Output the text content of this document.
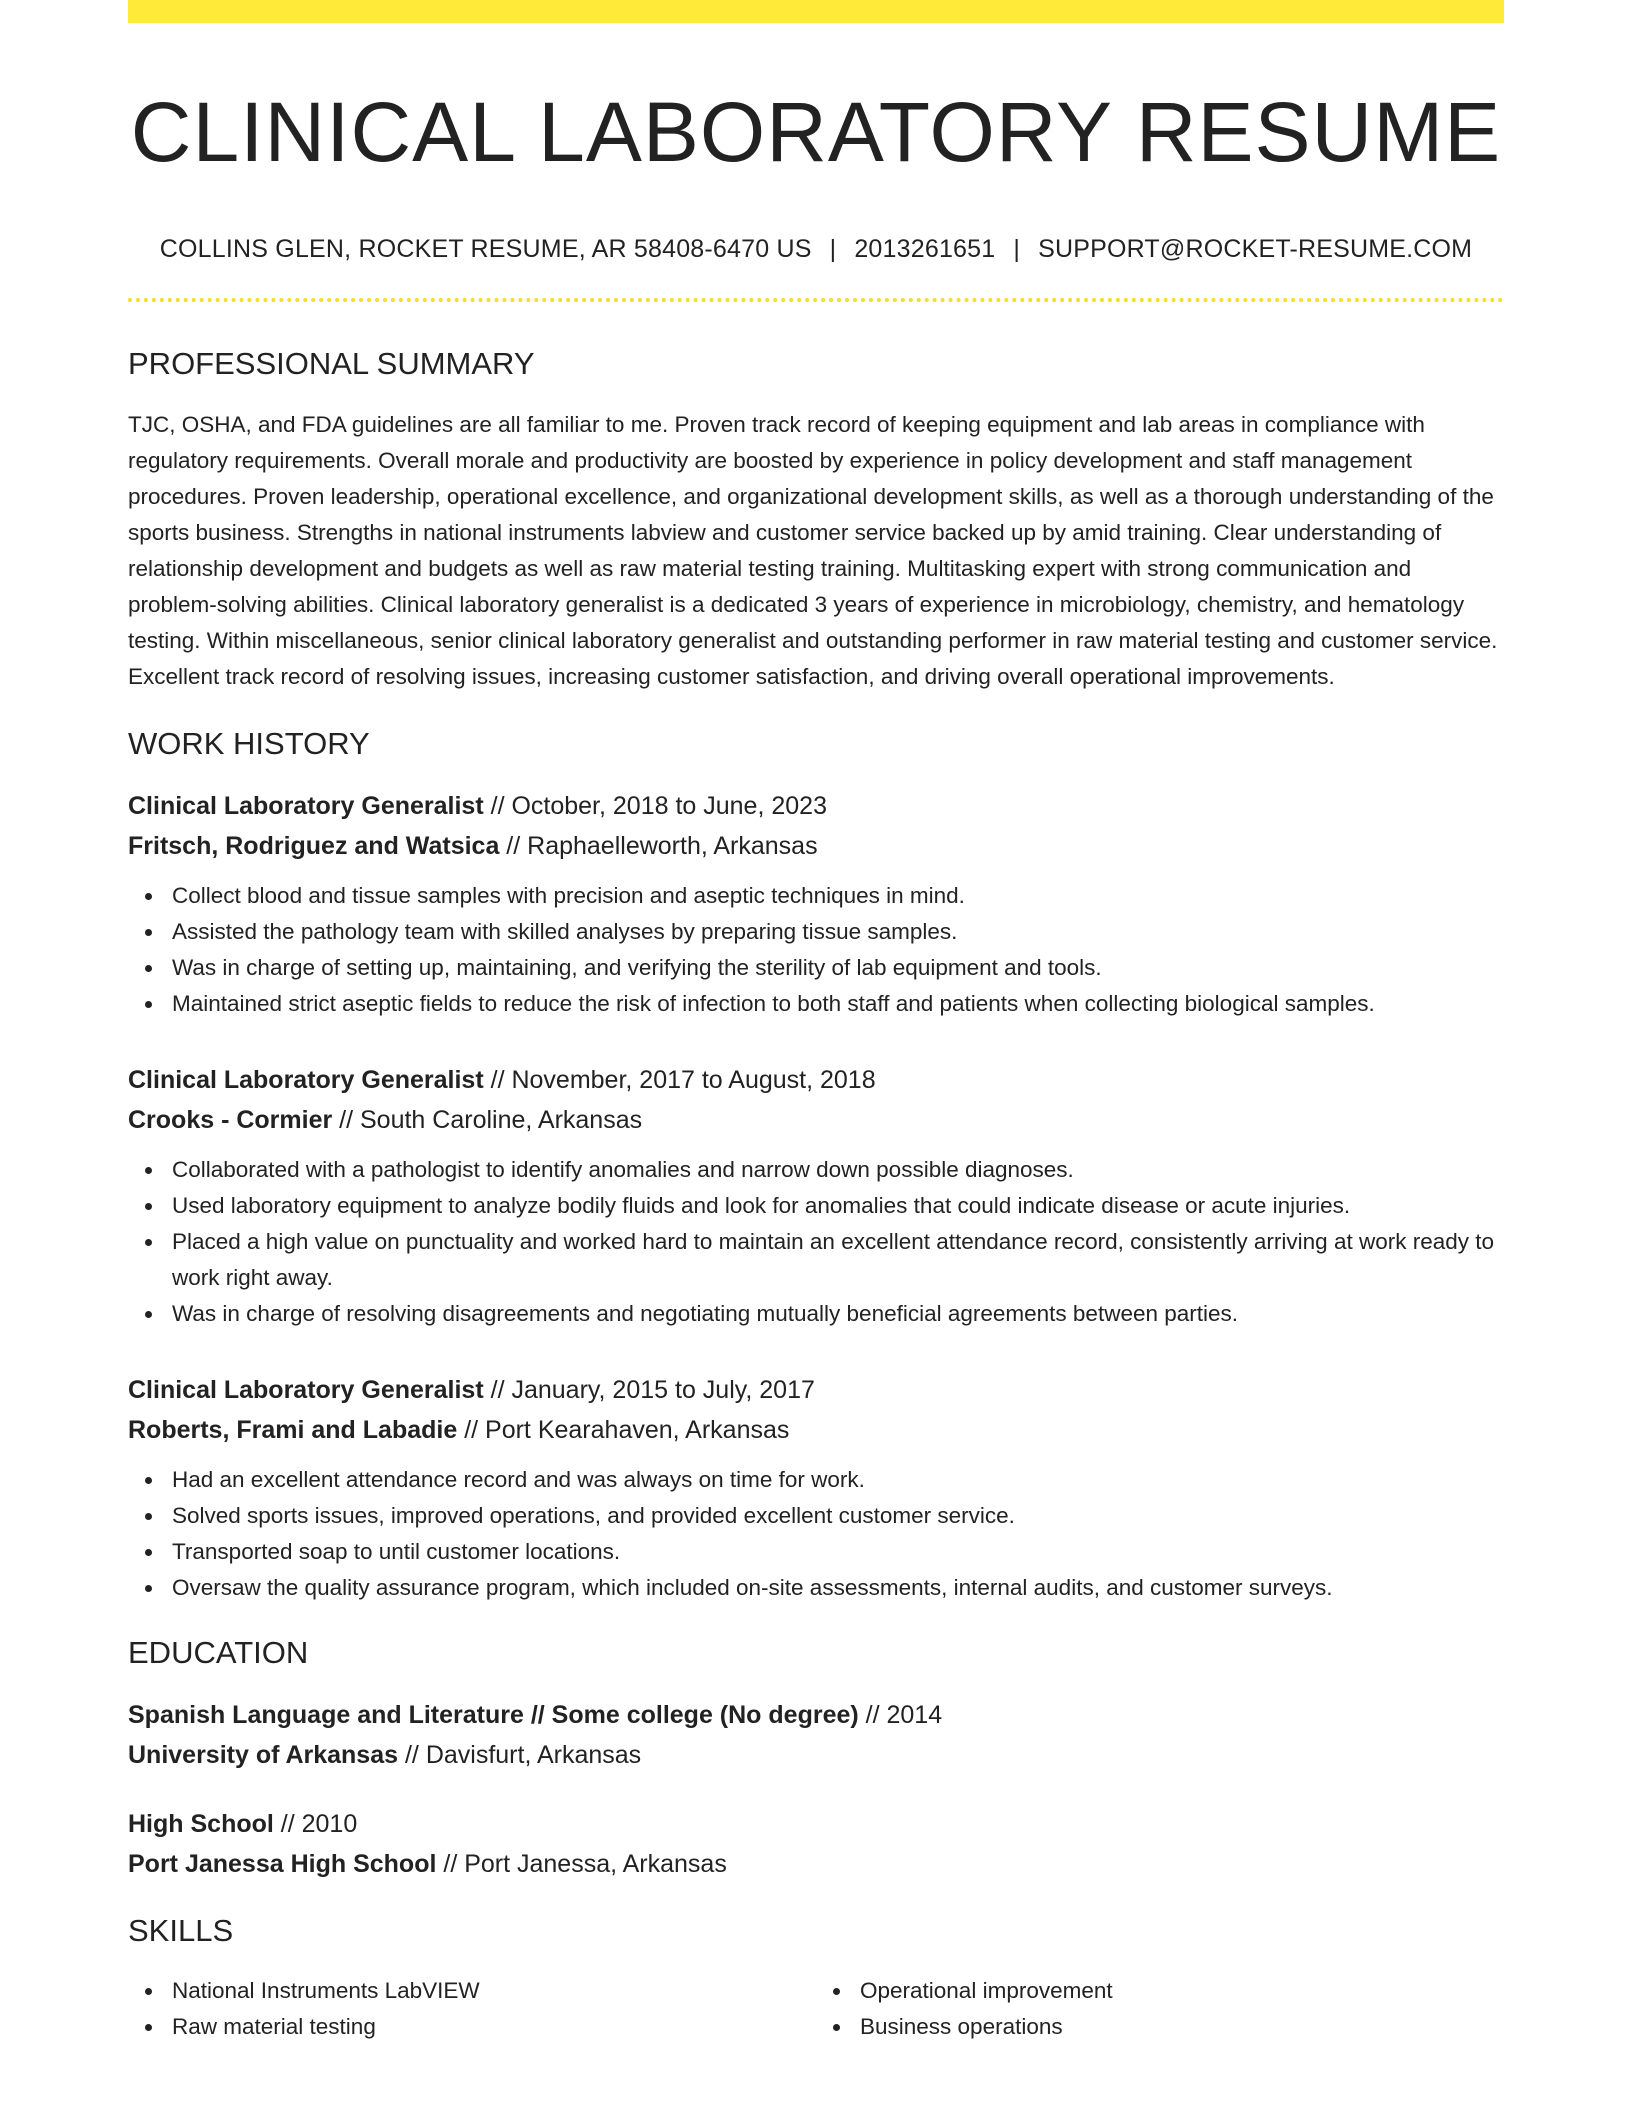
CLINICAL LABORATORY RESUME
COLLINS GLEN, ROCKET RESUME, AR 58408-6470 US | 2013261651 | SUPPORT@ROCKET-RESUME.COM
PROFESSIONAL SUMMARY

TJC, OSHA, and FDA guidelines are all familiar to me. Proven track record of keeping equipment and lab areas in compliance with regulatory requirements. Overall morale and productivity are boosted by experience in policy development and staff management procedures. Proven leadership, operational excellence, and organizational development skills, as well as a thorough understanding of the sports business. Strengths in national instruments labview and customer service backed up by amid training. Clear understanding of relationship development and budgets as well as raw material testing training. Multitasking expert with strong communication and problem-solving abilities. Clinical laboratory generalist is a dedicated 3 years of experience in microbiology, chemistry, and hematology testing. Within miscellaneous, senior clinical laboratory generalist and outstanding performer in raw material testing and customer service. Excellent track record of resolving issues, increasing customer satisfaction, and driving overall operational improvements.

WORK HISTORY
Clinical Laboratory Generalist // October, 2018 to June, 2023
Fritsch, Rodriguez and Watsica // Raphaelleworth, Arkansas
Collect blood and tissue samples with precision and aseptic techniques in mind.
Assisted the pathology team with skilled analyses by preparing tissue samples.
Was in charge of setting up, maintaining, and verifying the sterility of lab equipment and tools.
Maintained strict aseptic fields to reduce the risk of infection to both staff and patients when collecting biological samples.
Clinical Laboratory Generalist // November, 2017 to August, 2018
Crooks - Cormier // South Caroline, Arkansas
Collaborated with a pathologist to identify anomalies and narrow down possible diagnoses.
Used laboratory equipment to analyze bodily fluids and look for anomalies that could indicate disease or acute injuries.
Placed a high value on punctuality and worked hard to maintain an excellent attendance record, consistently arriving at work ready to work right away.
Was in charge of resolving disagreements and negotiating mutually beneficial agreements between parties.
Clinical Laboratory Generalist // January, 2015 to July, 2017
Roberts, Frami and Labadie // Port Kearahaven, Arkansas
Had an excellent attendance record and was always on time for work.
Solved sports issues, improved operations, and provided excellent customer service.
Transported soap to until customer locations.
Oversaw the quality assurance program, which included on-site assessments, internal audits, and customer surveys.
EDUCATION
Spanish Language and Literature // Some college (No degree) // 2014
University of Arkansas // Davisfurt, Arkansas
High School // 2010
Port Janessa High School // Port Janessa, Arkansas
SKILLS
National Instruments LabVIEW
Raw material testing
Operational improvement
Business operations
